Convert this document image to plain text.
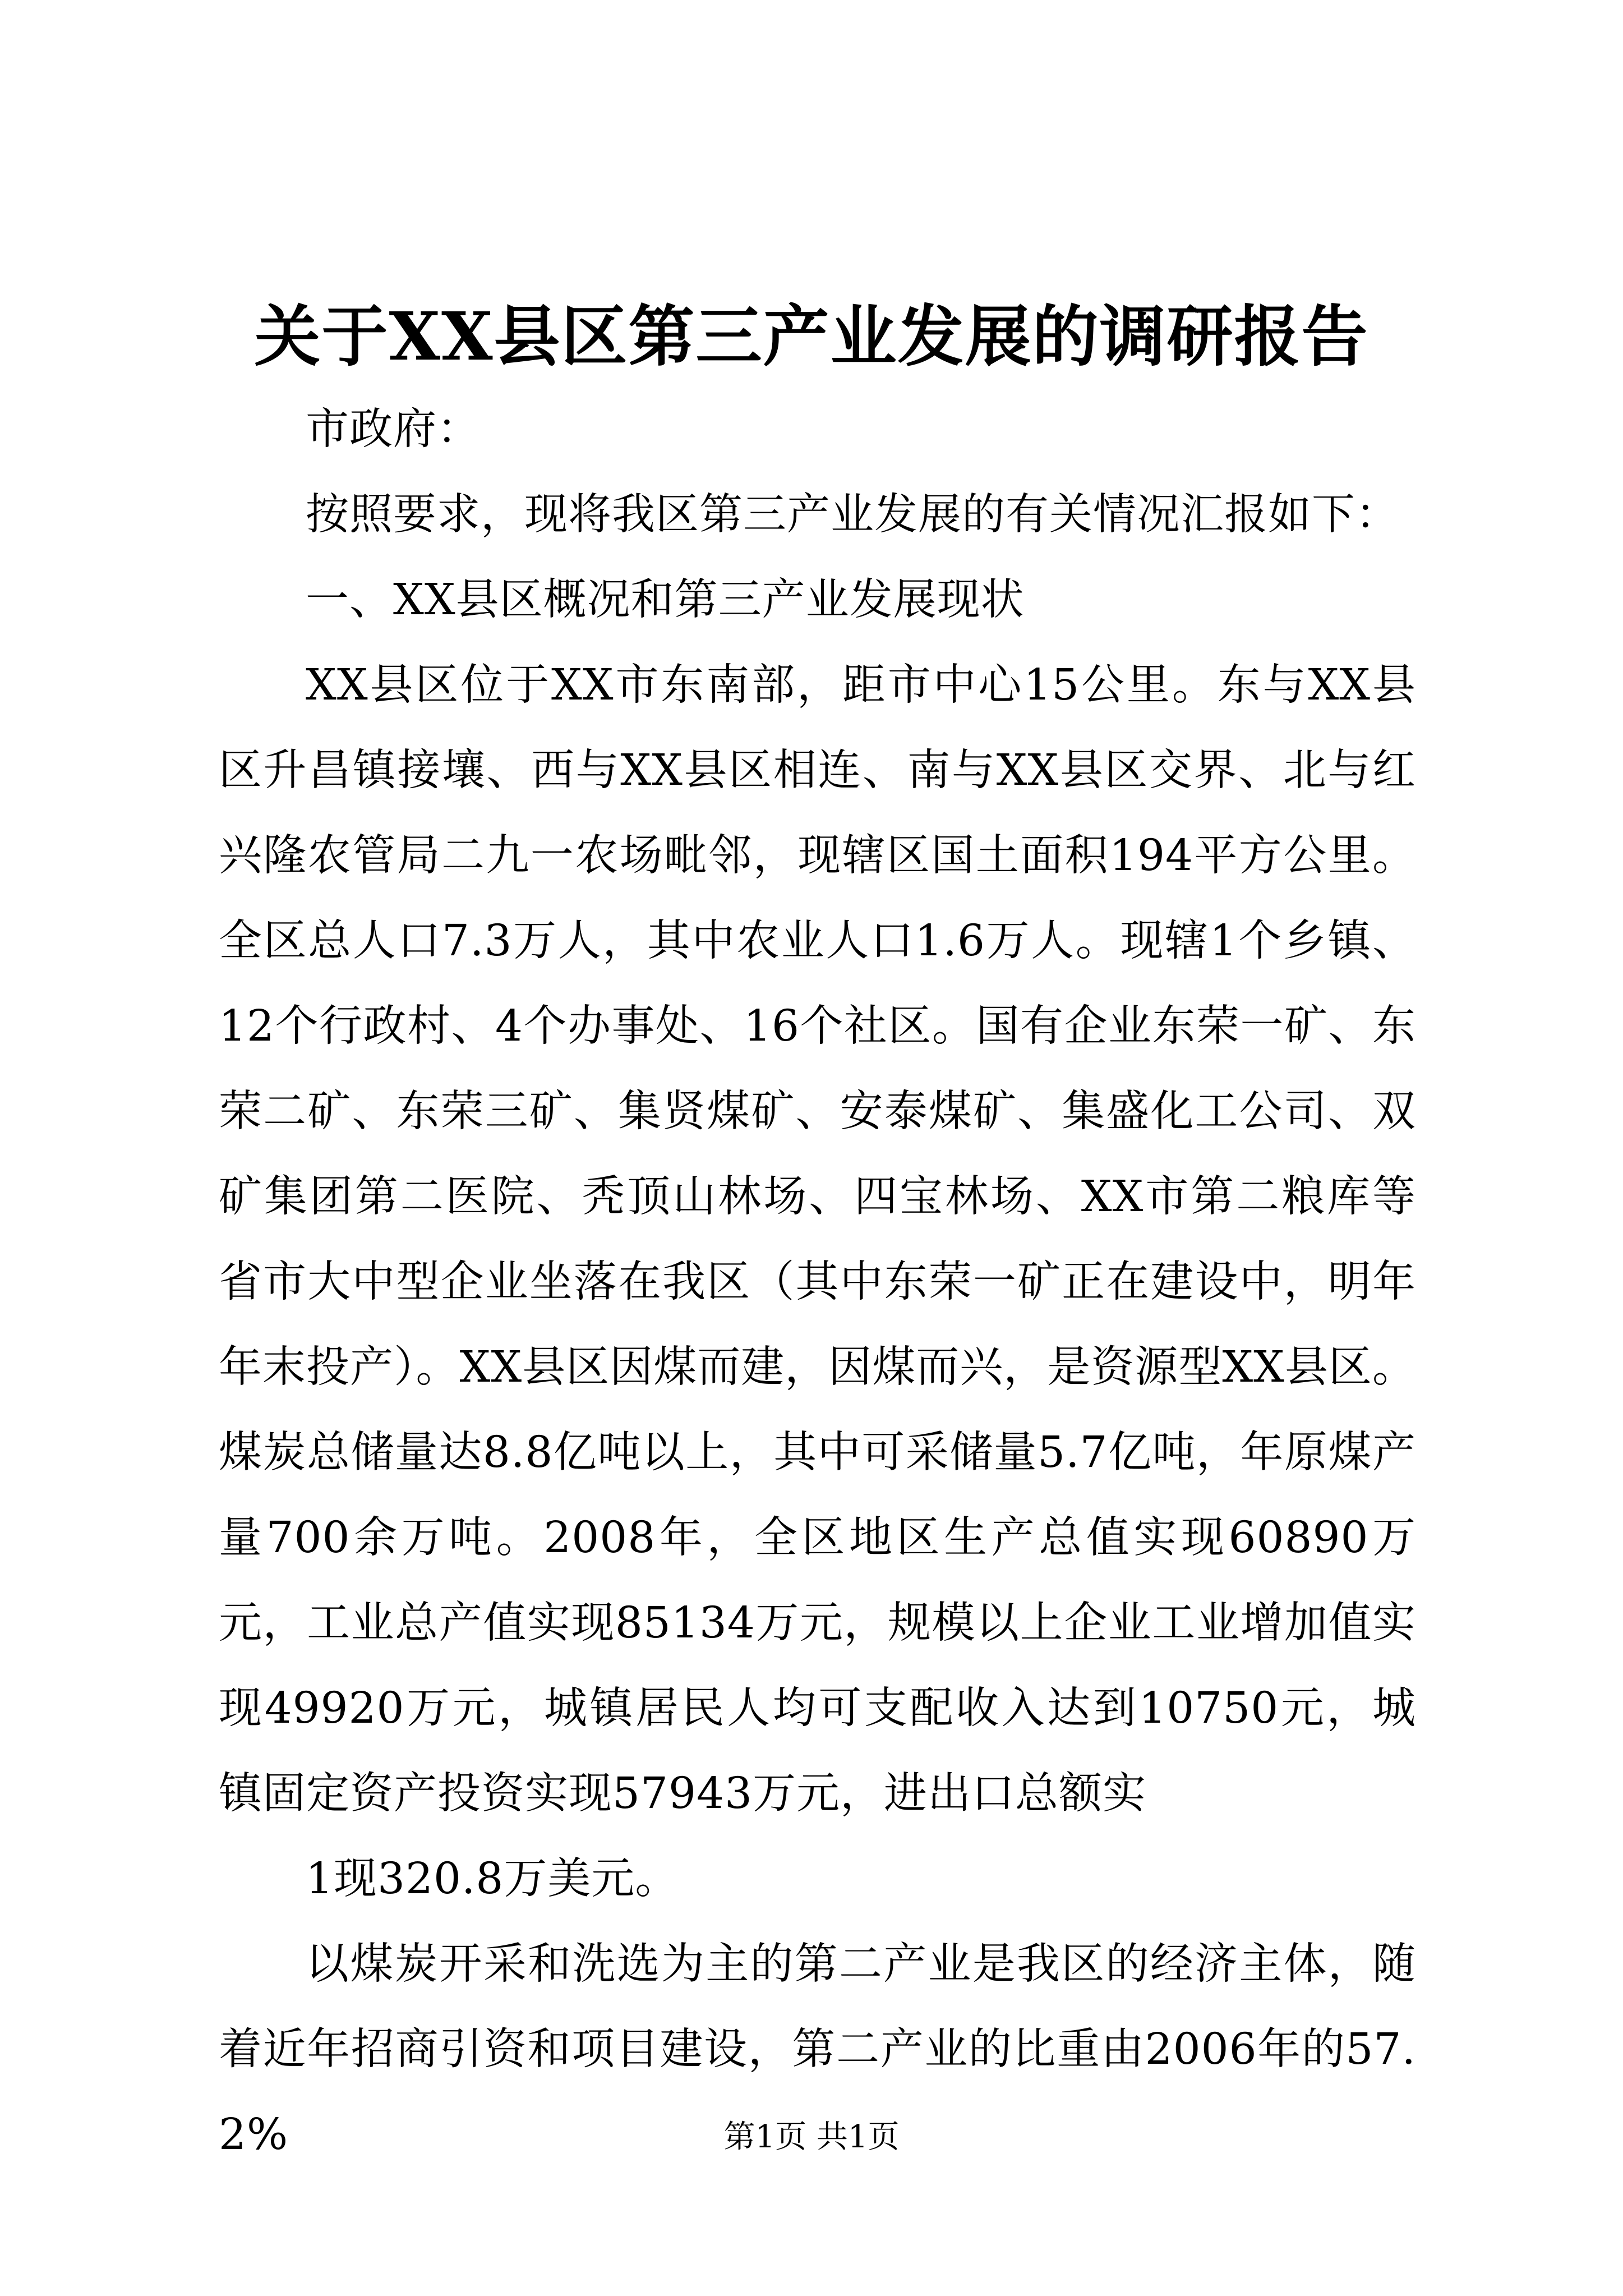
关于XX县区第三产业发展的调研报告

市政府：

按照要求，现将我区第三产业发展的有关情况汇报如下：

一、XX县区概况和第三产业发展现状

XX县区位于XX市东南部，距市中心15公里。东与XX县区升昌镇接壤、西与XX县区相连、南与XX县区交界、北与红兴隆农管局二九一农场毗邻，现辖区国土面积194平方公里。全区总人口7.3万人，其中农业人口1.6万人。现辖1个乡镇、12个行政村、4个办事处、16个社区。国有企业东荣一矿、东荣二矿、东荣三矿、集贤煤矿、安泰煤矿、集盛化工公司、双矿集团第二医院、秃顶山林场、四宝林场、XX市第二粮库等省市大中型企业坐落在我区（其中东荣一矿正在建设中，明年年末投产）。XX县区因煤而建，因煤而兴，是资源型XX县区。煤炭总储量达8.8亿吨以上，其中可采储量5.7亿吨，年原煤产量700余万吨。2008年，全区地区生产总值实现60890万元，工业总产值实现85134万元，规模以上企业工业增加值实现49920万元，城镇居民人均可支配收入达到10750元，城镇固定资产投资实现57943万元，进出口总额实

1现320.8万美元。

以煤炭开采和洗选为主的第二产业是我区的经济主体，随着近年招商引资和项目建设，第二产业的比重由2006年的57.2%	第1页 共1页
